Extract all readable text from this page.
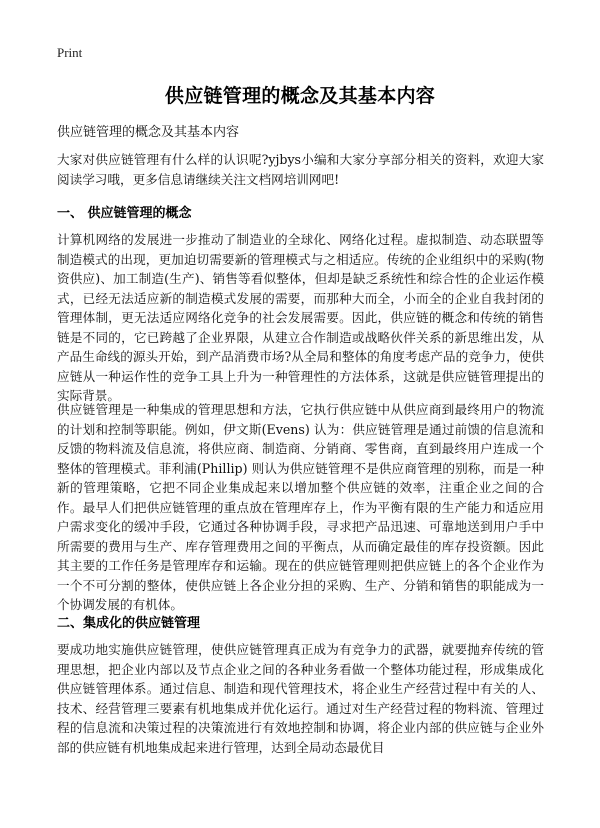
Print
供应链管理的概念及其基本内容
供应链管理的概念及其基本内容

大家对供应链管理有什么样的认识呢?yjbys小编和大家分享部分相关的资料，欢迎大家阅读学习哦，更多信息请继续关注文档网培训网吧!

一、 供应链管理的概念

计算机网络的发展进一步推动了制造业的全球化、网络化过程。虚拟制造、动态联盟等制造模式的出现，更加迫切需要新的管理模式与之相适应。传统的企业组织中的采购(物资供应)、加工制造(生产)、销售等看似整体，但却是缺乏系统性和综合性的企业运作模式，已经无法适应新的制造模式发展的需要，而那种大而全，小而全的企业自我封闭的管理体制，更无法适应网络化竞争的社会发展需要。因此，供应链的概念和传统的销售链是不同的，它已跨越了企业界限，从建立合作制造或战略伙伴关系的新思维出发，从产品生命线的源头开始，到产品消费市场?从全局和整体的角度考虑产品的竞争力，使供应链从一种运作性的竞争工具上升为一种管理性的方法体系，这就是供应链管理提出的实际背景。

供应链管理是一种集成的管理思想和方法，它执行供应链中从供应商到最终用户的物流的计划和控制等职能。例如，伊文斯(Evens) 认为：供应链管理是通过前馈的信息流和反馈的物料流及信息流，将供应商、制造商、分销商、零售商，直到最终用户连成一个整体的管理模式。菲利浦(Phillip) 则认为供应链管理不是供应商管理的别称，而是一种新的管理策略，它把不同企业集成起来以增加整个供应链的效率，注重企业之间的合作。最早人们把供应链管理的重点放在管理库存上，作为平衡有限的生产能力和适应用户需求变化的缓冲手段，它通过各种协调手段，寻求把产品迅速、可靠地送到用户手中所需要的费用与生产、库存管理费用之间的平衡点，从而确定最佳的库存投资额。因此其主要的工作任务是管理库存和运输。现在的供应链管理则把供应链上的各个企业作为一个不可分割的整体，使供应链上各企业分担的采购、生产、分销和销售的职能成为一个协调发展的有机体。

二、集成化的供应链管理

要成功地实施供应链管理，使供应链管理真正成为有竞争力的武器，就要抛弃传统的管理思想，把企业内部以及节点企业之间的各种业务看做一个整体功能过程，形成集成化供应链管理体系。通过信息、制造和现代管理技术，将企业生产经营过程中有关的人、技术、经营管理三要素有机地集成并优化运行。通过对生产经营过程的物料流、管理过程的信息流和决策过程的决策流进行有效地控制和协调，将企业内部的供应链与企业外部的供应链有机地集成起来进行管理，达到全局动态最优目
